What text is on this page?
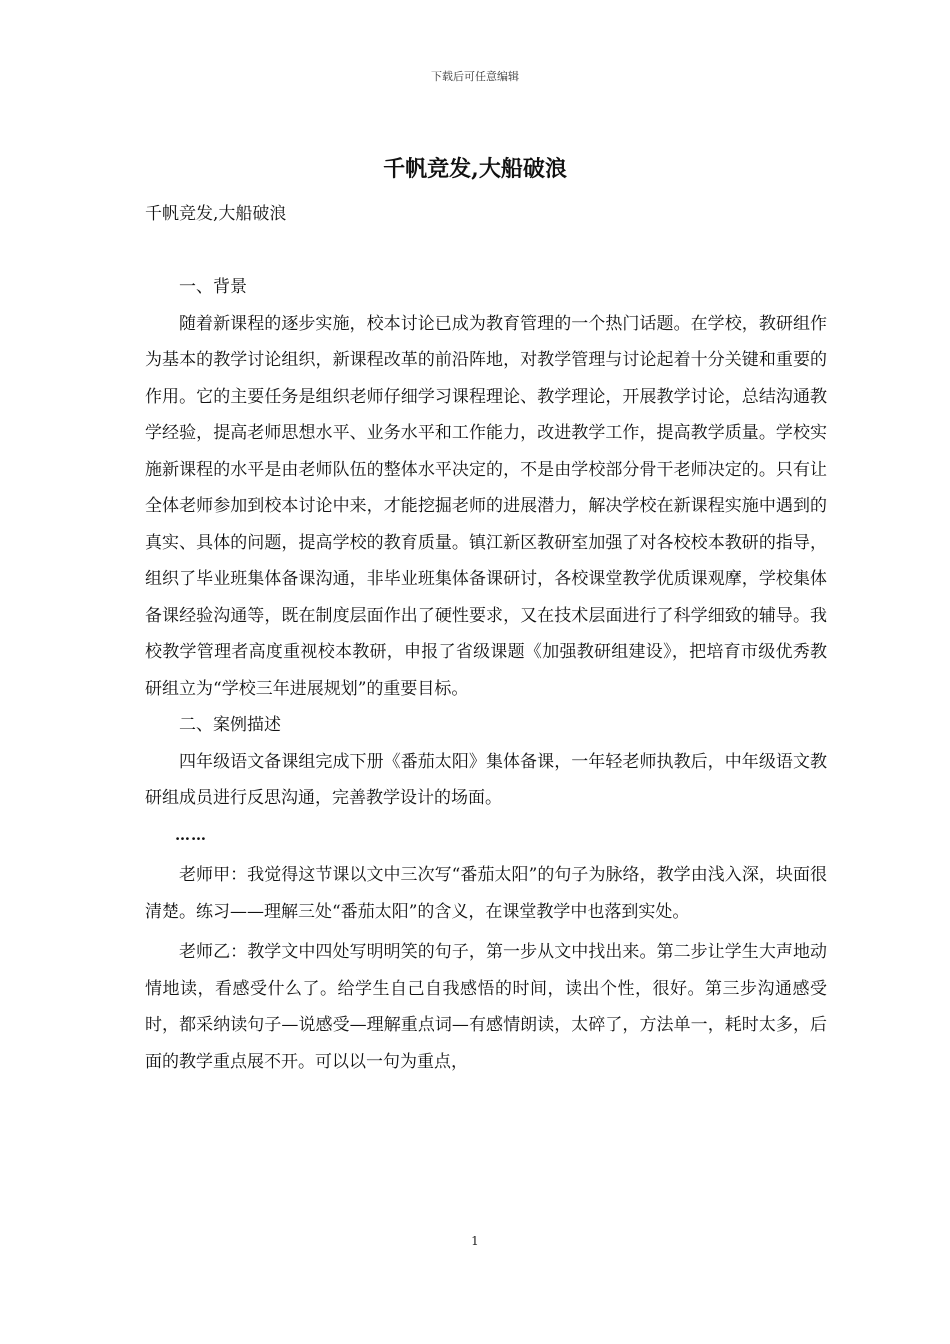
下载后可任意编辑
千帆竞发,大船破浪

千帆竞发,大船破浪

一、背景

随着新课程的逐步实施，校本讨论已成为教育管理的一个热门话题。在学校，教研组作为基本的教学讨论组织，新课程改革的前沿阵地，对教学管理与讨论起着十分关键和重要的作用。它的主要任务是组织老师仔细学习课程理论、教学理论，开展教学讨论，总结沟通教学经验，提高老师思想水平、业务水平和工作能力，改进教学工作，提高教学质量。学校实施新课程的水平是由老师队伍的整体水平决定的，不是由学校部分骨干老师决定的。只有让全体老师参加到校本讨论中来，才能挖掘老师的进展潜力，解决学校在新课程实施中遇到的真实、具体的问题，提高学校的教育质量。镇江新区教研室加强了对各校校本教研的指导，组织了毕业班集体备课沟通，非毕业班集体备课研讨，各校课堂教学优质课观摩，学校集体备课经验沟通等，既在制度层面作出了硬性要求，又在技术层面进行了科学细致的辅导。我校教学管理者高度重视校本教研，申报了省级课题《加强教研组建设》，把培育市级优秀教研组立为“学校三年进展规划”的重要目标。

二、案例描述

四年级语文备课组完成下册《番茄太阳》集体备课，一年轻老师执教后，中年级语文教研组成员进行反思沟通，完善教学设计的场面。

……

老师甲：我觉得这节课以文中三次写“番茄太阳”的句子为脉络，教学由浅入深，块面很清楚。练习——理解三处“番茄太阳”的含义，在课堂教学中也落到实处。

老师乙：教学文中四处写明明笑的句子，第一步从文中找出来。第二步让学生大声地动情地读，看感受什么了。给学生自己自我感悟的时间，读出个性，很好。第三步沟通感受时，都采纳读句子—说感受—理解重点词—有感情朗读，太碎了，方法单一，耗时太多，后面的教学重点展不开。可以以一句为重点，

1
